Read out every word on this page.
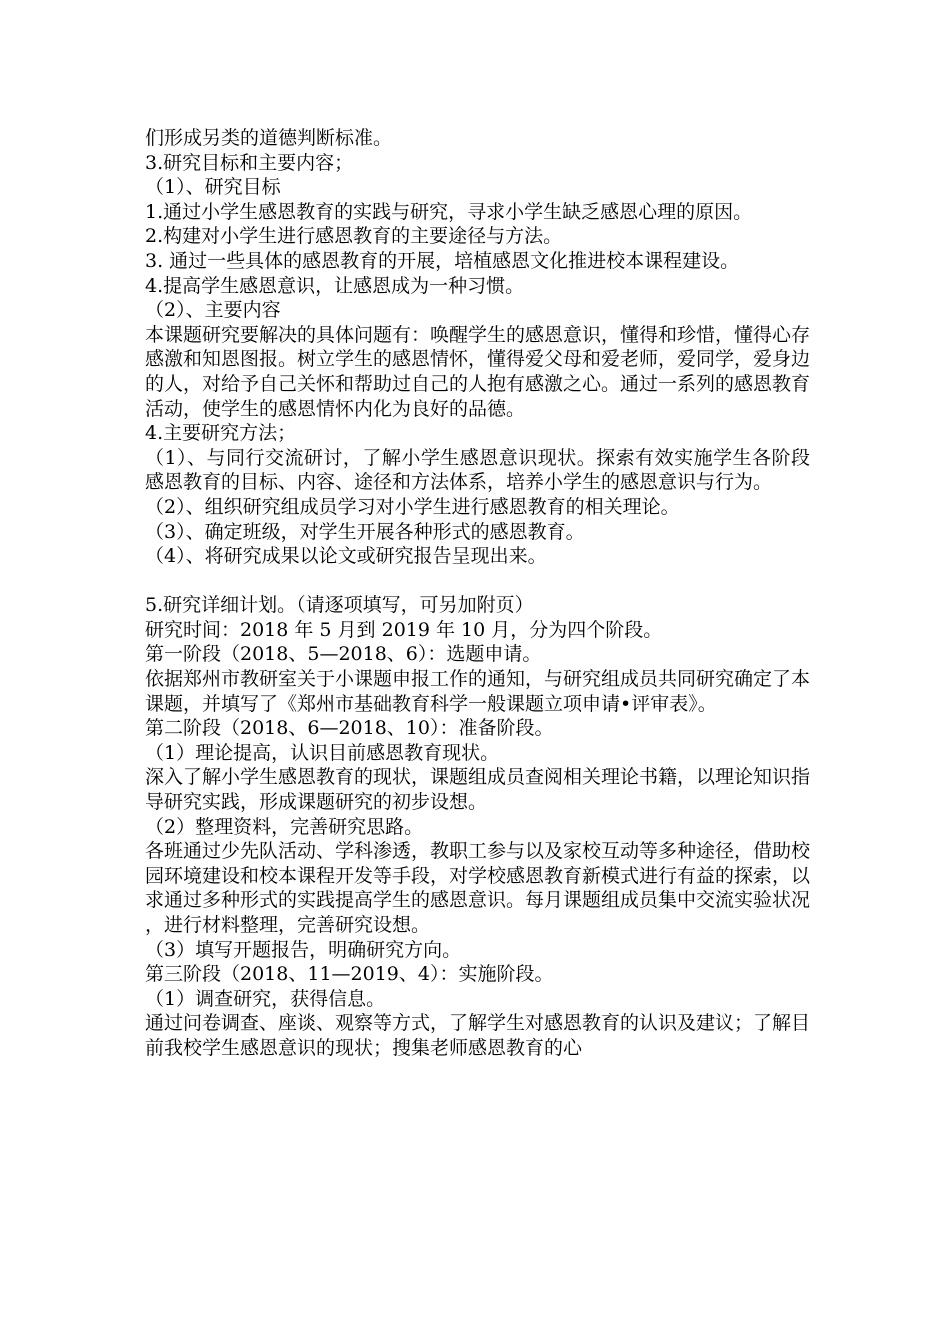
们形成另类的道德判断标准。

3.研究目标和主要内容；

（1）、研究目标

1.通过小学生感恩教育的实践与研究，寻求小学生缺乏感恩心理的原因。

2.构建对小学生进行感恩教育的主要途径与方法。

3. 通过一些具体的感恩教育的开展，培植感恩文化推进校本课程建设。

4.提高学生感恩意识，让感恩成为一种习惯。

（2）、主要内容

本课题研究要解决的具体问题有：唤醒学生的感恩意识，懂得和珍惜，懂得心存感激和知恩图报。树立学生的感恩情怀，懂得爱父母和爱老师，爱同学，爱身边的人，对给予自己关怀和帮助过自己的人抱有感激之心。通过一系列的感恩教育活动，使学生的感恩情怀内化为良好的品德。

4.主要研究方法；

（1）、与同行交流研讨，了解小学生感恩意识现状。探索有效实施学生各阶段感恩教育的目标、内容、途径和方法体系，培养小学生的感恩意识与行为。

（2）、组织研究组成员学习对小学生进行感恩教育的相关理论。

（3）、确定班级，对学生开展各种形式的感恩教育。

（4）、将研究成果以论文或研究报告呈现出来。

5.研究详细计划。（请逐项填写，可另加附页）

研究时间：2018 年 5 月到 2019 年 10 月，分为四个阶段。

第一阶段（2018、5—2018、6）：选题申请。

依据郑州市教研室关于小课题申报工作的通知，与研究组成员共同研究确定了本课题，并填写了《郑州市基础教育科学一般课题立项申请•评审表》。

第二阶段（2018、6—2018、10）：准备阶段。

（1）理论提高，认识目前感恩教育现状。

深入了解小学生感恩教育的现状，课题组成员查阅相关理论书籍，以理论知识指导研究实践，形成课题研究的初步设想。

（2）整理资料，完善研究思路。

各班通过少先队活动、学科渗透，教职工参与以及家校互动等多种途径，借助校园环境建设和校本课程开发等手段，对学校感恩教育新模式进行有益的探索，以求通过多种形式的实践提高学生的感恩意识。每月课题组成员集中交流实验状况，进行材料整理，完善研究设想。

（3）填写开题报告，明确研究方向。

第三阶段（2018、11—2019、4）：实施阶段。

（1）调查研究，获得信息。

通过问卷调查、座谈、观察等方式，了解学生对感恩教育的认识及建议；了解目前我校学生感恩意识的现状；搜集老师感恩教育的心
